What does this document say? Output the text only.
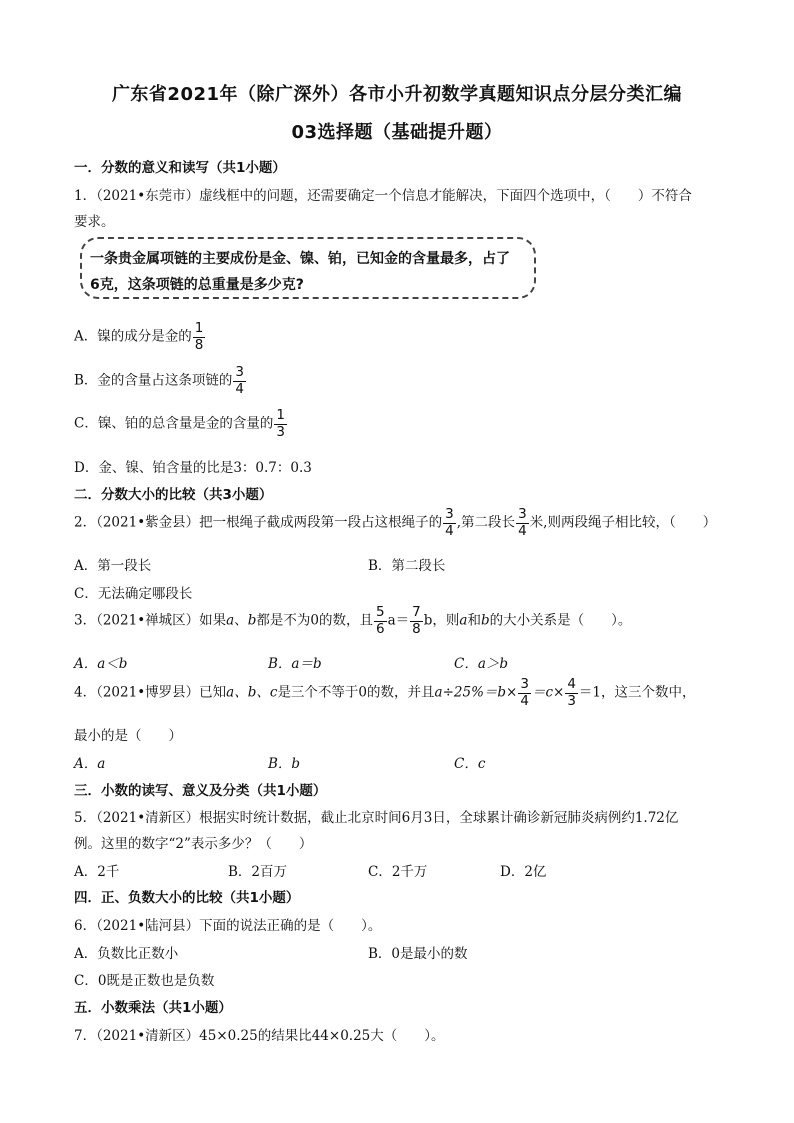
广东省2021年（除广深外）各市小升初数学真题知识点分层分类汇编
03选择题（基础提升题）
一．分数的意义和读写（共1小题）
1．（2021•东莞市）虚线框中的问题，还需要确定一个信息才能解决，下面四个选项中，（　　）不符合
要求。
一条贵金属项链的主要成份是金、镍、铂，已知金的含量最多，占了
6克，这条项链的总重量是多少克?
A．镍的成分是金的 $\frac{1}{8}$
B．金的含量占这条项链的 $\frac{3}{4}$
C．镍、铂的总含量是金的含量的 $\frac{1}{3}$
D．金、镍、铂含量的比是3：0.7：0.3
二．分数大小的比较（共3小题）
2．（2021•紫金县）把一根绳子截成两段第一段占这根绳子的 $\frac{3}{4}$ ,第二段长 $\frac{3}{4}$ 米,则两段绳子相比较，（　　）
A．第一段长	B．第二段长
C．无法确定哪段长
3．（2021•禅城区）如果a、b都是不为0的数，且 $\frac{5}{6} a= \frac{7}{8}$ b，则a和b的大小关系是（　　）。
A．a＜b	B．a＝b	C．a＞b
4．（2021•博罗县）已知a、b、c是三个不等于0的数，并且$a\div 25\%=b\times \frac{3}{4} =c\times \frac{4}{3} =1$，这三个数中，
最小的是（　　）
A．a	B．b	C．c
三．小数的读写、意义及分类（共1小题）
5．（2021•清新区）根据实时统计数据，截止北京时间6月3日，全球累计确诊新冠肺炎病例约1.72亿
例。这里的数字“2”表示多少？（　　）
A．2千	B．2百万	C．2千万	D．2亿
四．正、负数大小的比较（共1小题）
6．（2021•陆河县）下面的说法正确的是（　　）。
A．负数比正数小	B．0是最小的数
C．0既是正数也是负数
五．小数乘法（共1小题）
7．（2021•清新区）45×0.25的结果比44×0.25大（　　）。
